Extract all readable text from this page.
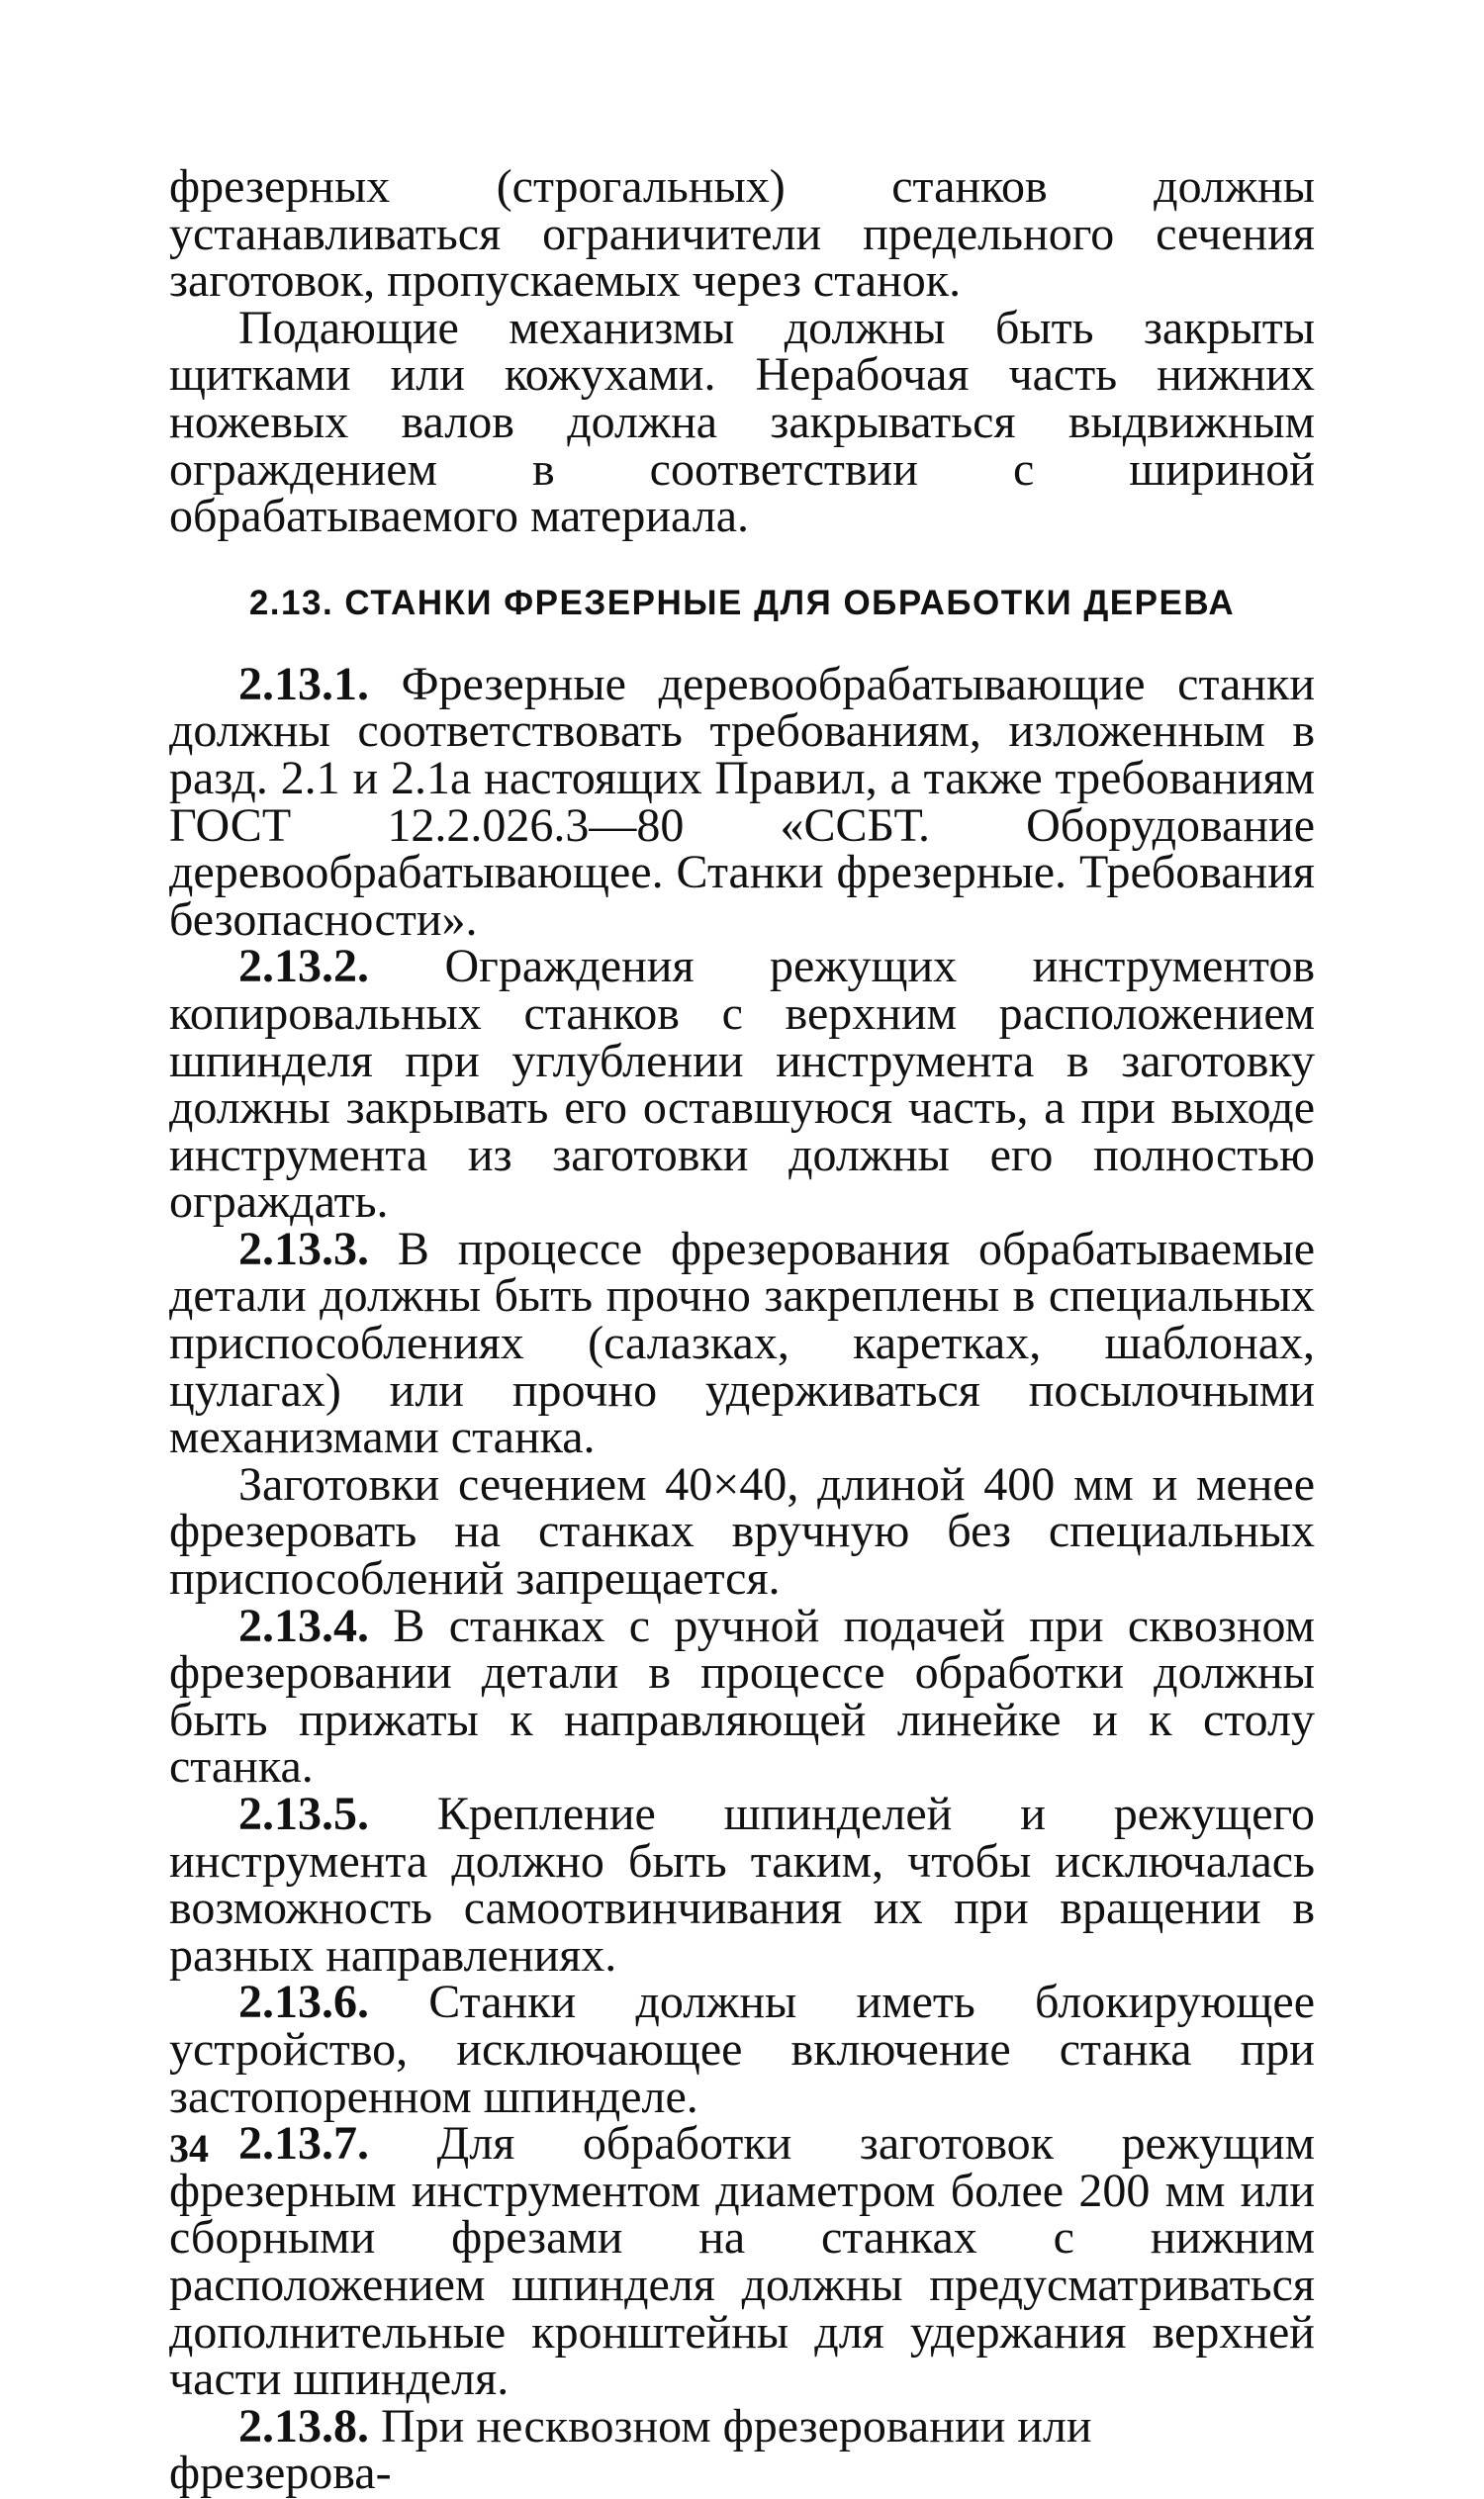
фрезерных (строгальных) станков должны устанавливаться ограничители предельного сечения заготовок, пропускаемых через станок.

Подающие механизмы должны быть закрыты щитками или кожухами. Нерабочая часть нижних ножевых валов должна закрываться выдвижным ограждением в соответствии с шириной обрабатываемого материала.

2.13. СТАНКИ ФРЕЗЕРНЫЕ ДЛЯ ОБРАБОТКИ ДЕРЕВА

2.13.1. Фрезерные деревообрабатывающие станки должны соответствовать требованиям, изложенным в разд. 2.1 и 2.1а настоящих Правил, а также требованиям ГОСТ 12.2.026.3—80 «ССБТ. Оборудование деревообрабатывающее. Станки фрезерные. Требования безопасности».

2.13.2. Ограждения режущих инструментов копировальных станков с верхним расположением шпинделя при углублении инструмента в заготовку должны закрывать его оставшуюся часть, а при выходе инструмента из заготовки должны его полностью ограждать.

2.13.3. В процессе фрезерования обрабатываемые детали должны быть прочно закреплены в специальных приспособлениях (салазках, каретках, шаблонах, цулагах) или прочно удерживаться посылочными механизмами станка.

Заготовки сечением 40×40, длиной 400 мм и менее фрезеровать на станках вручную без специальных приспособлений запрещается.

2.13.4. В станках с ручной подачей при сквозном фрезеровании детали в процессе обработки должны быть прижаты к направляющей линейке и к столу станка.

2.13.5. Крепление шпинделей и режущего инструмента должно быть таким, чтобы исключалась возможность самоотвинчивания их при вращении в разных направлениях.

2.13.6. Станки должны иметь блокирующее устройство, исключающее включение станка при застопоренном шпинделе.

2.13.7. Для обработки заготовок режущим фрезерным инструментом диаметром более 200 мм или сборными фрезами на станках с нижним расположением шпинделя должны предусматриваться дополнительные кронштейны для удержания верхней части шпинделя.

2.13.8. При несквозном фрезеровании или фрезерова-

34
